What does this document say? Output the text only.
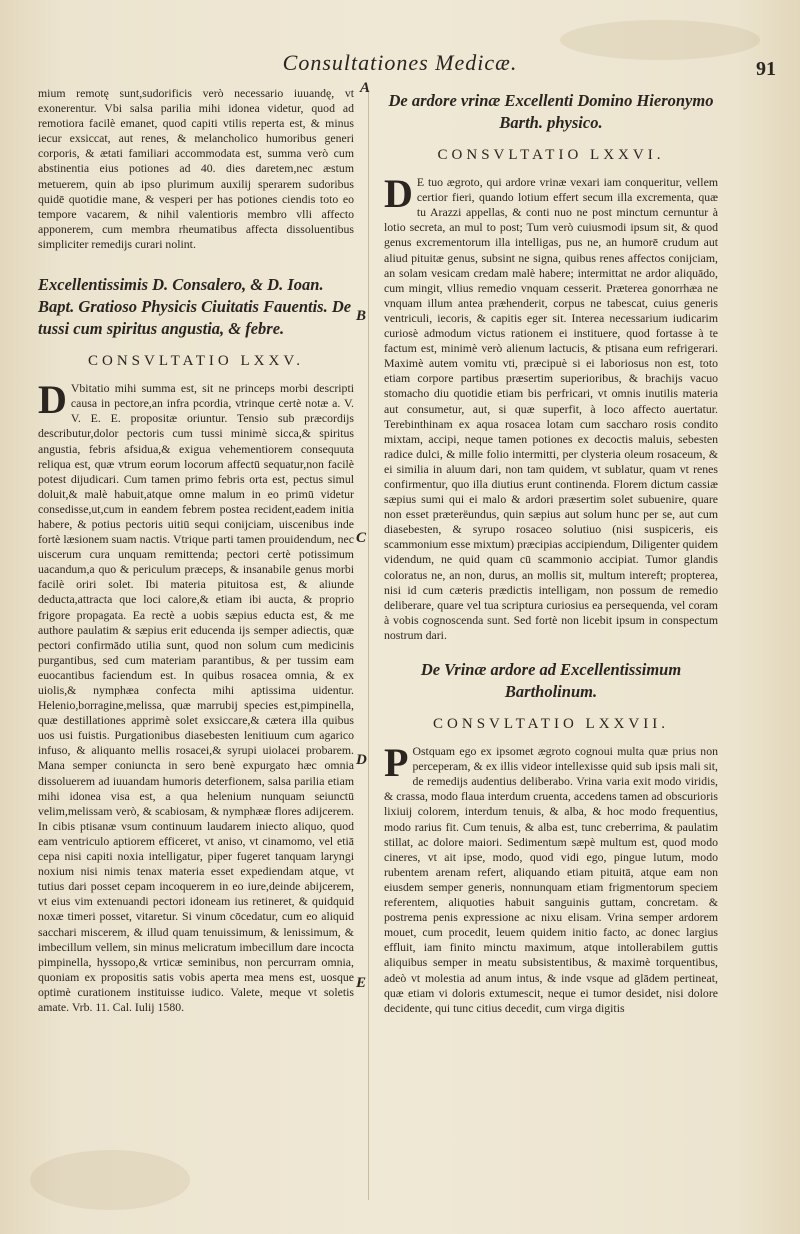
Consultationes Medicæ.	91
A
B
C
D
E

mium remotę sunt,sudorificis verò necessario iuuandę, vt exonerentur. Vbi salsa parilia mihi idonea videtur, quod ad remotiora facilè emanet, quod capiti vtilis reperta est, & minus iecur exsiccat, aut renes, & melancholico humoribus generi corporis, & ætati familiari accommodata est, summa verò cum abstinentia eius potiones ad 40. dies daretem,nec æstum metuerem, quin ab ipso plurimum auxilij sperarem sudoribus quidē quotidie mane, & vesperi per has potiones ciendis toto eo tempore vacarem, & nihil valentioris membro vlli affecto apponerem, cum membra rheumatibus affecta dissoluentibus simpliciter remedijs curari nolint.

Excellentissimis D. Consalero, & D. Ioan. Bapt. Gratioso Physicis Ciuitatis Fauentis. De tussi cum spiritus angustia, & febre.
CONSVLTATIO LXXV.

D Vbitatio mihi summa est, sit ne princeps morbi descripti causa in pectore,an infra pcordia, vtrinque certè notæ a. V. V. E. E. propositæ oriuntur. Tensio sub præcordijs descributur,dolor pectoris cum tussi minimè sicca,& spiritus angustia, febris afsidua,& exigua vehementiorem consequuta reliqua est, quæ vtrum eorum locorum affectū sequatur,non facilè potest dijudicari. Cum tamen primo febris orta est, pectus simul doluit,& malè habuit,atque omne malum in eo primū videtur consedisse,ut,cum in eandem febrem postea recident,eadem initia habere, & potius pectoris uitiū sequi conijciam, uiscenibus inde fortè læsionem suam nactis. Vtrique parti tamen prouidendum, nec uiscerum cura unquam remittenda; pectori certè potissimum uacandum,a quo & periculum præceps, & insanabile genus morbi facilè oriri solet. Ibi materia pituitosa est, & aliunde deducta,attracta que loci calore,& etiam ibi aucta, & proprio frigore propagata. Ea rectè a uobis sæpius educta est, & me authore paulatim & sæpius erit educenda ijs semper adiectis, quæ pectori confirmādo utilia sunt, quod non solum cum medicinis purgantibus, sed cum materiam parantibus, & per tussim eam euocantibus faciendum est. In quibus rosacea omnia, & ex uiolis,& nymphæa confecta mihi aptissima uidentur. Helenio,borragine,melissa, quæ marrubij species est,pimpinella, quæ destillationes apprimè solet exsiccare,& cætera illa quibus uos usi fuistis. Purgationibus diasebesten lenitiuum cum agarico infuso, & aliquanto mellis rosacei,& syrupi uiolacei probarem. Mana semper coniuncta in sero benè expurgato hæc omnia dissoluerem ad iuuandam humoris deterfionem, salsa parilia etiam mihi idonea visa est, a qua helenium nunquam seiunctū velim,melissam verò, & scabiosam, & nymphææ flores adijcerem. In cibis ptisanæ vsum continuum laudarem iniecto aliquo, quod eam ventriculo aptiorem efficeret, vt aniso, vt cinamomo, vel etiā cepa nisi capiti noxia intelligatur, piper fugeret tanquam laryngi noxium nisi nimis tenax materia esset expediendam atque, vt tutius dari posset cepam incoquerem in eo iure,deinde abijcerem, vt eius vim extenuandi pectori idoneam ius retineret, & quidquid noxæ timeri posset, vitaretur. Si vinum cōcedatur, cum eo aliquid sacchari miscerem, & illud quam tenuissimum, & lenissimum, & imbecillum vellem, sin minus melicratum imbecillum dare incocta pimpinella, hyssopo,& vrticæ seminibus, non percurram omnia, quoniam ex propositis satis vobis aperta mea mens est, uosque optimè curationem instituisse iudico. Valete, meque vt soletis amate. Vrb. 11. Cal. Iulij 1580.

De ardore vrinæ Excellenti Domino Hieronymo Barth. physico.
CONSVLTATIO LXXVI.

D E tuo ægroto, qui ardore vrinæ vexari iam conqueritur, vellem certior fieri, quando lotium effert secum illa excrementa, quæ tu Arazzi appellas, & conti nuo ne post minctum cernuntur à lotio secreta, an mul to post; Tum verò cuiusmodi ipsum sit, & quod genus excrementorum illa intelligas, pus ne, an humorē crudum aut aliud pituitæ genus, subsint ne signa, quibus renes affectos conijciam, an solam vesicam credam malè habere; intermittat ne ardor aliquādo, cum mingit, vllius remedio vnquam cesserit. Præterea gonorrhæa ne vnquam illum antea præhenderit, corpus ne tabescat, cuius generis ventriculi, iecoris, & capitis eger sit. Interea necessarium iudicarim curiosè admodum victus rationem ei instituere, quod fortasse à te factum est, minimè verò alienum lactucis, & ptisana eum refrigerari. Maximè autem vomitu vti, præcipuè si ei laboriosus non est, toto etiam corpore partibus præsertim superioribus, & brachijs vacuo stomacho diu quotidie etiam bis perfricari, vt omnis inutilis materia aut consumetur, aut, si quæ superfit, à loco affecto auertatur. Terebinthinam ex aqua rosacea lotam cum saccharo rosis condito mixtam, accipi, neque tamen potiones ex decoctis maluis, sebesten radice dulci, & mille folio intermitti, per clysteria oleum rosaceum, & ei similia in aluum dari, non tam quidem, vt sublatur, quam vt renes confirmentur, quo illa diutius erunt continenda. Florem dictum cassiæ sæpius sumi qui ei malo & ardori præsertim solet subuenire, quare non esset præterëundus, quin sæpius aut solum hunc per se, aut cum diasebesten, & syrupo rosaceo solutiuo (nisi suspiceris, eis scammonium esse mixtum) præcipias accipiendum, Diligenter quidem videndum, ne quid quam cū scammonio accipiat. Tumor glandis coloratus ne, an non, durus, an mollis sit, multum intereft; propterea, nisi id cum cæteris prædictis intelligam, non possum de remedio deliberare, quare vel tua scriptura curiosius ea persequenda, vel coram à vobis cognoscenda sunt. Sed fortè non licebit ipsum in conspectum nostrum dari.

De Vrinæ ardore ad Excellentissimum Bartholinum.
CONSVLTATIO LXXVII.

P Ostquam ego ex ipsomet ægroto cognoui multa quæ prius non perceperam, & ex illis videor intellexisse quid sub ipsis mali sit, de remedijs audentius deliberabo. Vrina varia exit modo viridis, & crassa, modo flaua interdum cruenta, accedens tamen ad obscurioris lixiuij colorem, interdum tenuis, & alba, & hoc modo frequentius, modo rarius fit. Cum tenuis, & alba est, tunc creberrima, & paulatim stillat, ac dolore maiori. Sedimentum sæpè multum est, quod modo cineres, vt ait ipse, modo, quod vidi ego, pingue lutum, modo rubentem arenam refert, aliquando etiam pituitā, atque eam non eiusdem semper generis, nonnunquam etiam frigmentorum speciem referentem, aliquoties habuit sanguinis guttam, concretam. & postrema penis expressione ac nixu elisam. Vrina semper ardorem mouet, cum procedit, leuem quidem initio facto, ac donec largius effluit, iam finito minctu maximum, atque intollerabilem guttis aliquibus semper in meatu subsistentibus, & maximè torquentibus, adeò vt molestia ad anum intus, & inde vsque ad glādem pertineat, quæ etiam vi doloris extumescit, neque ei tumor desidet, nisi dolore decidente, qui tunc citius decedit, cum virga digitis
